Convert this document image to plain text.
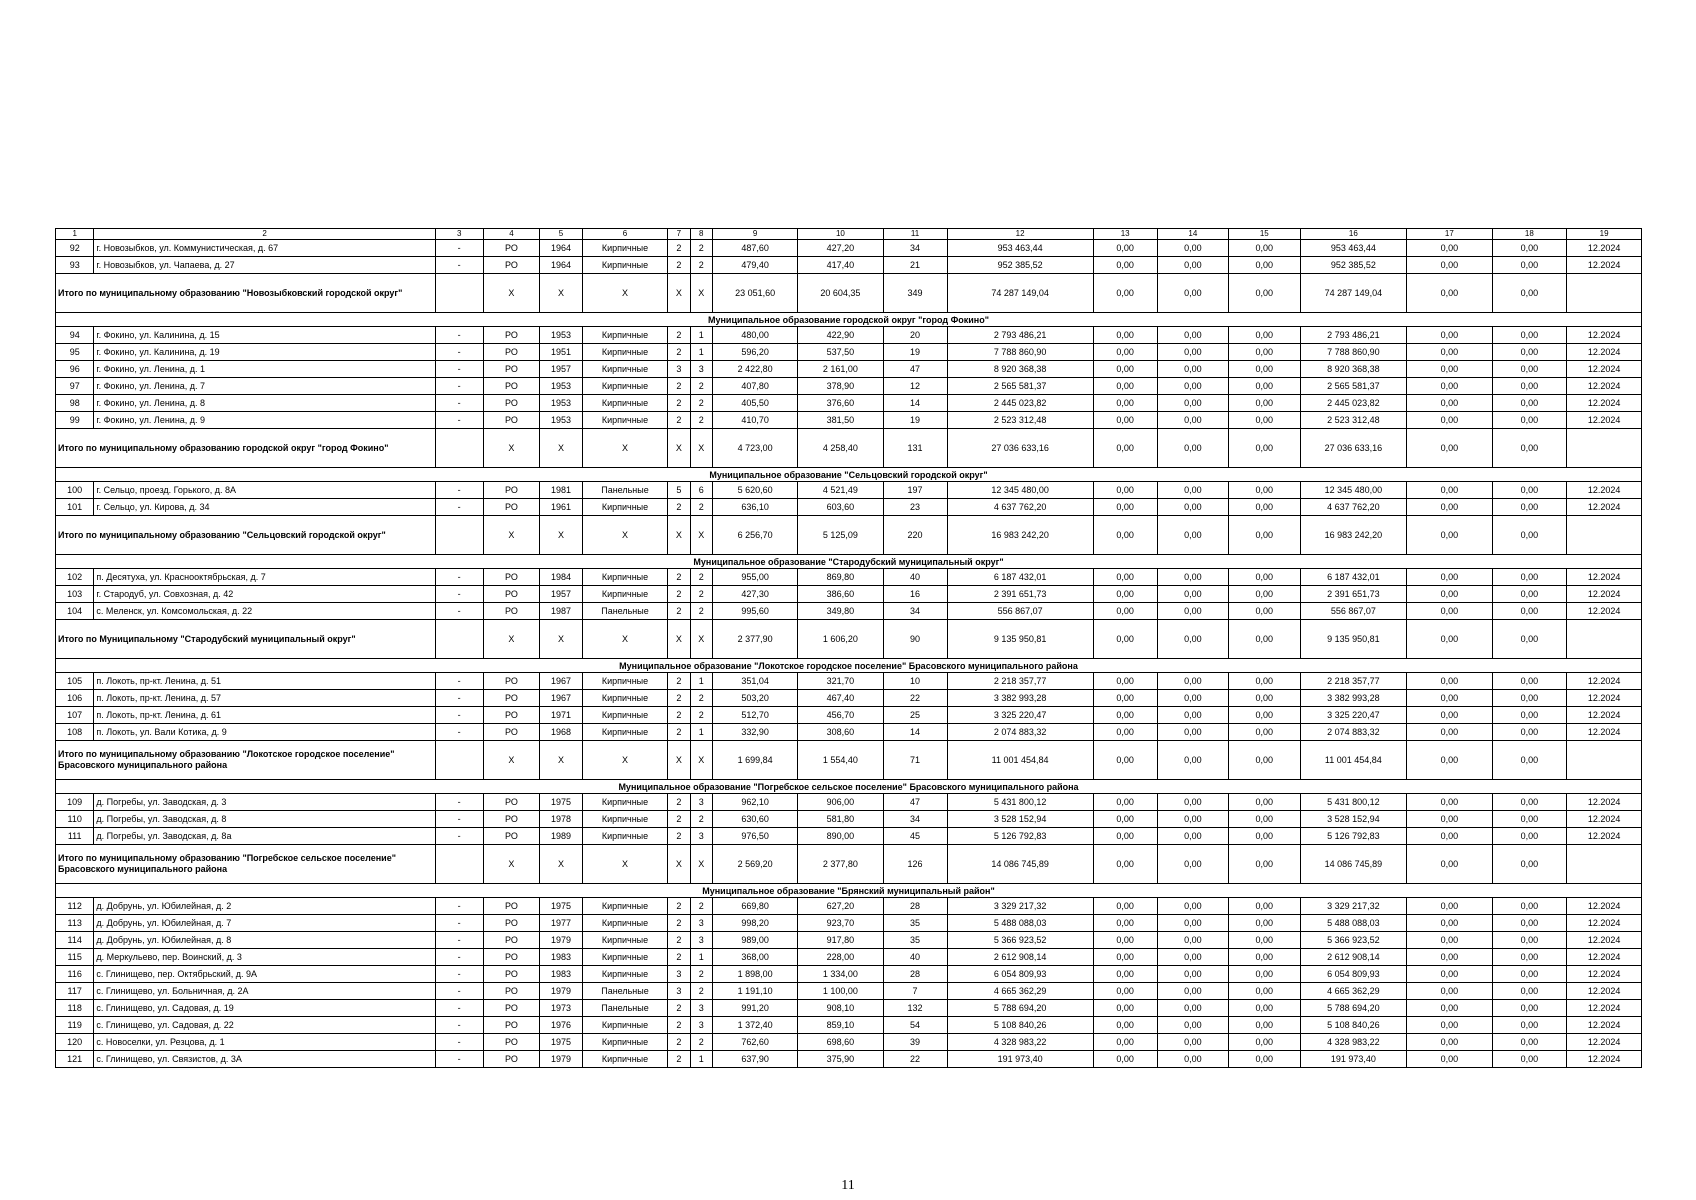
1	2	3	4	5	6	7	8	9	10	11	12	13	14	15	16	17	18	19
92	г. Новозыбков, ул. Коммунистическая, д. 67	-	РО	1964	Кирпичные	2	2	487,60	427,20	34	953 463,44	0,00	0,00	0,00	953 463,44	0,00	0,00	12.2024
93	г. Новозыбков, ул. Чапаева, д. 27	-	РО	1964	Кирпичные	2	2	479,40	417,40	21	952 385,52	0,00	0,00	0,00	952 385,52	0,00	0,00	12.2024
Итого по муниципальному образованию "Новозыбковский городской округ"			Х	Х	Х	Х	Х	23 051,60	20 604,35	349	74 287 149,04	0,00	0,00	0,00	74 287 149,04	0,00	0,00	
Муниципальное образование городской округ "город Фокино"																		
94	г. Фокино, ул. Калинина, д. 15	-	РО	1953	Кирпичные	2	1	480,00	422,90	20	2 793 486,21	0,00	0,00	0,00	2 793 486,21	0,00	0,00	12.2024
95	г. Фокино, ул. Калинина, д. 19	-	РО	1951	Кирпичные	2	1	596,20	537,50	19	7 788 860,90	0,00	0,00	0,00	7 788 860,90	0,00	0,00	12.2024
96	г. Фокино, ул. Ленина, д. 1	-	РО	1957	Кирпичные	3	3	2 422,80	2 161,00	47	8 920 368,38	0,00	0,00	0,00	8 920 368,38	0,00	0,00	12.2024
97	г. Фокино, ул. Ленина, д. 7	-	РО	1953	Кирпичные	2	2	407,80	378,90	12	2 565 581,37	0,00	0,00	0,00	2 565 581,37	0,00	0,00	12.2024
98	г. Фокино, ул. Ленина, д. 8	-	РО	1953	Кирпичные	2	2	405,50	376,60	14	2 445 023,82	0,00	0,00	0,00	2 445 023,82	0,00	0,00	12.2024
99	г. Фокино, ул. Ленина, д. 9	-	РО	1953	Кирпичные	2	2	410,70	381,50	19	2 523 312,48	0,00	0,00	0,00	2 523 312,48	0,00	0,00	12.2024
Итого по муниципальному образованию городской округ "город Фокино"			Х	Х	Х	Х	Х	4 723,00	4 258,40	131	27 036 633,16	0,00	0,00	0,00	27 036 633,16	0,00	0,00	
Муниципальное образование "Сельцовский городской округ"																		
100	г. Сельцо, проезд. Горького, д. 8А	-	РО	1981	Панельные	5	6	5 620,60	4 521,49	197	12 345 480,00	0,00	0,00	0,00	12 345 480,00	0,00	0,00	12.2024
101	г. Сельцо, ул. Кирова, д. 34	-	РО	1961	Кирпичные	2	2	636,10	603,60	23	4 637 762,20	0,00	0,00	0,00	4 637 762,20	0,00	0,00	12.2024
Итого по муниципальному образованию "Сельцовский городской округ"			Х	Х	Х	Х	Х	6 256,70	5 125,09	220	16 983 242,20	0,00	0,00	0,00	16 983 242,20	0,00	0,00	
Муниципальное образование "Стародубский муниципальный округ"																		
102	п. Десятуха, ул. Краснооктябрьская, д. 7	-	РО	1984	Кирпичные	2	2	955,00	869,80	40	6 187 432,01	0,00	0,00	0,00	6 187 432,01	0,00	0,00	12.2024
103	г. Стародуб, ул. Совхозная, д. 42	-	РО	1957	Кирпичные	2	2	427,30	386,60	16	2 391 651,73	0,00	0,00	0,00	2 391 651,73	0,00	0,00	12.2024
104	с. Меленск, ул. Комсомольская, д. 22	-	РО	1987	Панельные	2	2	995,60	349,80	34	556 867,07	0,00	0,00	0,00	556 867,07	0,00	0,00	12.2024
Итого по Муниципальному "Стародубский муниципальный округ"			Х	Х	Х	Х	Х	2 377,90	1 606,20	90	9 135 950,81	0,00	0,00	0,00	9 135 950,81	0,00	0,00	
Муниципальное образование "Локотское городское поселение" Брасовского муниципального района																		
105	п. Локоть, пр-кт. Ленина, д. 51	-	РО	1967	Кирпичные	2	1	351,04	321,70	10	2 218 357,77	0,00	0,00	0,00	2 218 357,77	0,00	0,00	12.2024
106	п. Локоть, пр-кт. Ленина, д. 57	-	РО	1967	Кирпичные	2	2	503,20	467,40	22	3 382 993,28	0,00	0,00	0,00	3 382 993,28	0,00	0,00	12.2024
107	п. Локоть, пр-кт. Ленина, д. 61	-	РО	1971	Кирпичные	2	2	512,70	456,70	25	3 325 220,47	0,00	0,00	0,00	3 325 220,47	0,00	0,00	12.2024
108	п. Локоть, ул. Вали Котика, д. 9	-	РО	1968	Кирпичные	2	1	332,90	308,60	14	2 074 883,32	0,00	0,00	0,00	2 074 883,32	0,00	0,00	12.2024
Итого по муниципальному образованию "Локотское городское поселение" Брасовского муниципального района			Х	Х	Х	Х	Х	1 699,84	1 554,40	71	11 001 454,84	0,00	0,00	0,00	11 001 454,84	0,00	0,00	
Муниципальное образование "Погребское сельское поселение" Брасовского муниципального района																		
109	д. Погребы, ул. Заводская, д. 3	-	РО	1975	Кирпичные	2	3	962,10	906,00	47	5 431 800,12	0,00	0,00	0,00	5 431 800,12	0,00	0,00	12.2024
110	д. Погребы, ул. Заводская, д. 8	-	РО	1978	Кирпичные	2	2	630,60	581,80	34	3 528 152,94	0,00	0,00	0,00	3 528 152,94	0,00	0,00	12.2024
111	д. Погребы, ул. Заводская, д. 8а	-	РО	1989	Кирпичные	2	3	976,50	890,00	45	5 126 792,83	0,00	0,00	0,00	5 126 792,83	0,00	0,00	12.2024
Итого по муниципальному образованию "Погребское сельское поселение" Брасовского муниципального района			Х	Х	Х	Х	Х	2 569,20	2 377,80	126	14 086 745,89	0,00	0,00	0,00	14 086 745,89	0,00	0,00	
Муниципальное образование "Брянский муниципальный район"																		
112	д. Добрунь, ул. Юбилейная, д. 2	-	РО	1975	Кирпичные	2	2	669,80	627,20	28	3 329 217,32	0,00	0,00	0,00	3 329 217,32	0,00	0,00	12.2024
113	д. Добрунь, ул. Юбилейная, д. 7	-	РО	1977	Кирпичные	2	3	998,20	923,70	35	5 488 088,03	0,00	0,00	0,00	5 488 088,03	0,00	0,00	12.2024
114	д. Добрунь, ул. Юбилейная, д. 8	-	РО	1979	Кирпичные	2	3	989,00	917,80	35	5 366 923,52	0,00	0,00	0,00	5 366 923,52	0,00	0,00	12.2024
115	д. Меркульево, пер. Воинский, д. 3	-	РО	1983	Кирпичные	2	1	368,00	228,00	40	2 612 908,14	0,00	0,00	0,00	2 612 908,14	0,00	0,00	12.2024
116	с. Глинищево, пер. Октябрьский, д. 9А	-	РО	1983	Кирпичные	3	2	1 898,00	1 334,00	28	6 054 809,93	0,00	0,00	0,00	6 054 809,93	0,00	0,00	12.2024
117	с. Глинищево, ул. Больничная, д. 2А	-	РО	1979	Панельные	3	2	1 191,10	1 100,00	7	4 665 362,29	0,00	0,00	0,00	4 665 362,29	0,00	0,00	12.2024
118	с. Глинищево, ул. Садовая, д. 19	-	РО	1973	Панельные	2	3	991,20	908,10	132	5 788 694,20	0,00	0,00	0,00	5 788 694,20	0,00	0,00	12.2024
119	с. Глинищево, ул. Садовая, д. 22	-	РО	1976	Кирпичные	2	3	1 372,40	859,10	54	5 108 840,26	0,00	0,00	0,00	5 108 840,26	0,00	0,00	12.2024
120	с. Новоселки, ул. Резцова, д. 1	-	РО	1975	Кирпичные	2	2	762,60	698,60	39	4 328 983,22	0,00	0,00	0,00	4 328 983,22	0,00	0,00	12.2024
121	с. Глинищево, ул. Связистов, д. 3А	-	РО	1979	Кирпичные	2	1	637,90	375,90	22	191 973,40	0,00	0,00	0,00	191 973,40	0,00	0,00	12.2024
11
